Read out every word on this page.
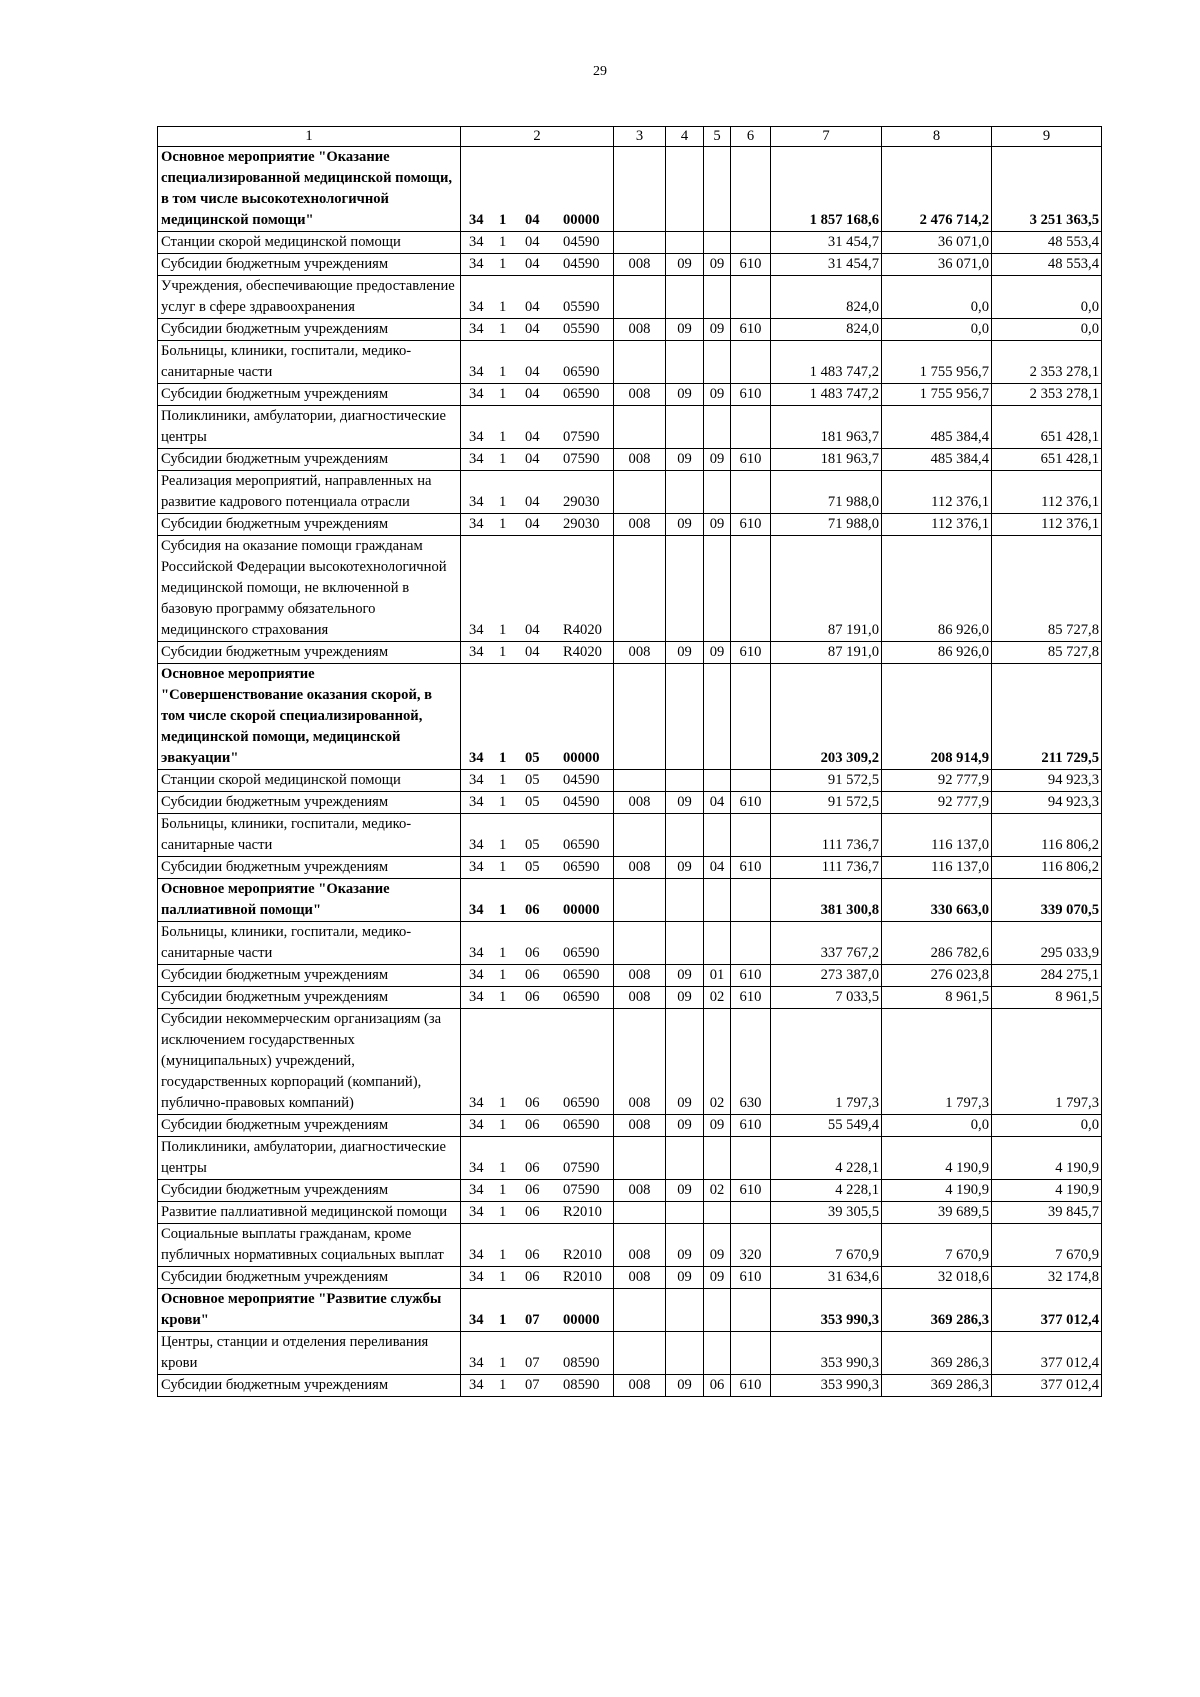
29
1	2	3	4	5	6	7	8	9
Основное мероприятие "Оказание специализированной медицинской помощи, в том числе высокотехнологичной медицинской помощи"	34 1 04 00000					1 857 168,6	2 476 714,2	3 251 363,5
Станции скорой медицинской помощи	34 1 04 04590					31 454,7	36 071,0	48 553,4
Субсидии бюджетным учреждениям	34 1 04 04590	008	09	09	610	31 454,7	36 071,0	48 553,4
Учреждения, обеспечивающие предоставление услуг в сфере здравоохранения	34 1 04 05590					824,0	0,0	0,0
Субсидии бюджетным учреждениям	34 1 04 05590	008	09	09	610	824,0	0,0	0,0
Больницы, клиники, госпитали, медико-санитарные части	34 1 04 06590					1 483 747,2	1 755 956,7	2 353 278,1
Субсидии бюджетным учреждениям	34 1 04 06590	008	09	09	610	1 483 747,2	1 755 956,7	2 353 278,1
Поликлиники, амбулатории, диагностические центры	34 1 04 07590					181 963,7	485 384,4	651 428,1
Субсидии бюджетным учреждениям	34 1 04 07590	008	09	09	610	181 963,7	485 384,4	651 428,1
Реализация мероприятий, направленных на развитие кадрового потенциала отрасли	34 1 04 29030					71 988,0	112 376,1	112 376,1
Субсидии бюджетным учреждениям	34 1 04 29030	008	09	09	610	71 988,0	112 376,1	112 376,1
Субсидия на оказание помощи гражданам Российской Федерации высокотехнологичной медицинской помощи, не включенной в базовую программу обязательного медицинского страхования	34 1 04 R4020					87 191,0	86 926,0	85 727,8
Субсидии бюджетным учреждениям	34 1 04 R4020	008	09	09	610	87 191,0	86 926,0	85 727,8
Основное мероприятие "Совершенствование оказания скорой, в том числе скорой специализированной, медицинской помощи, медицинской эвакуации"	34 1 05 00000					203 309,2	208 914,9	211 729,5
Станции скорой медицинской помощи	34 1 05 04590					91 572,5	92 777,9	94 923,3
Субсидии бюджетным учреждениям	34 1 05 04590	008	09	04	610	91 572,5	92 777,9	94 923,3
Больницы, клиники, госпитали, медико-санитарные части	34 1 05 06590					111 736,7	116 137,0	116 806,2
Субсидии бюджетным учреждениям	34 1 05 06590	008	09	04	610	111 736,7	116 137,0	116 806,2
Основное мероприятие "Оказание паллиативной помощи"	34 1 06 00000					381 300,8	330 663,0	339 070,5
Больницы, клиники, госпитали, медико-санитарные части	34 1 06 06590					337 767,2	286 782,6	295 033,9
Субсидии бюджетным учреждениям	34 1 06 06590	008	09	01	610	273 387,0	276 023,8	284 275,1
Субсидии бюджетным учреждениям	34 1 06 06590	008	09	02	610	7 033,5	8 961,5	8 961,5
Субсидии некоммерческим организациям (за исключением государственных (муниципальных) учреждений, государственных корпораций (компаний), публично-правовых компаний)	34 1 06 06590	008	09	02	630	1 797,3	1 797,3	1 797,3
Субсидии бюджетным учреждениям	34 1 06 06590	008	09	09	610	55 549,4	0,0	0,0
Поликлиники, амбулатории, диагностические центры	34 1 06 07590					4 228,1	4 190,9	4 190,9
Субсидии бюджетным учреждениям	34 1 06 07590	008	09	02	610	4 228,1	4 190,9	4 190,9
Развитие паллиативной медицинской помощи	34 1 06 R2010					39 305,5	39 689,5	39 845,7
Социальные выплаты гражданам, кроме публичных нормативных социальных выплат	34 1 06 R2010	008	09	09	320	7 670,9	7 670,9	7 670,9
Субсидии бюджетным учреждениям	34 1 06 R2010	008	09	09	610	31 634,6	32 018,6	32 174,8
Основное мероприятие "Развитие службы крови"	34 1 07 00000					353 990,3	369 286,3	377 012,4
Центры, станции и отделения переливания крови	34 1 07 08590					353 990,3	369 286,3	377 012,4
Субсидии бюджетным учреждениям	34 1 07 08590	008	09	06	610	353 990,3	369 286,3	377 012,4
